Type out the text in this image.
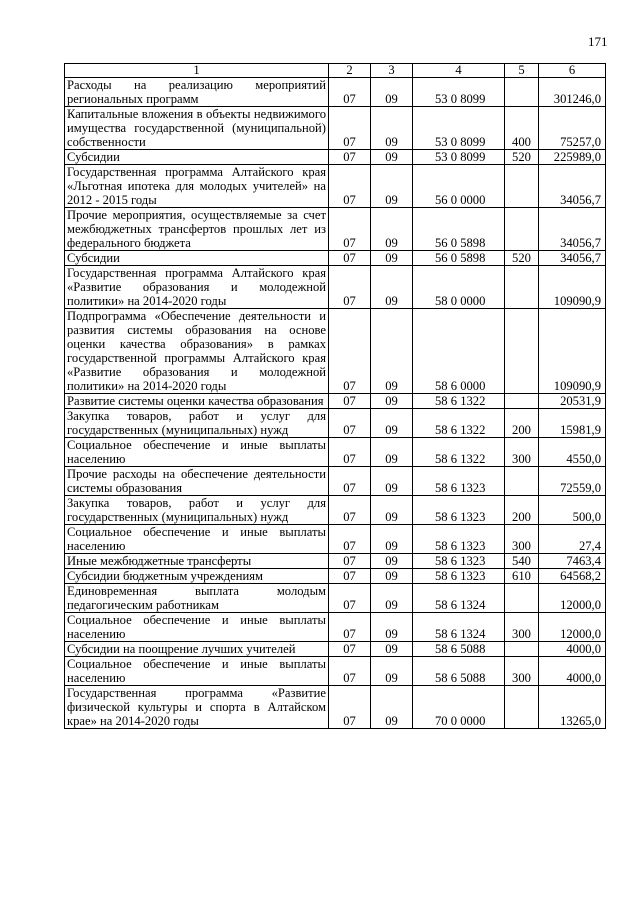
171
1	2	3	4	5	6
Расходы на реализацию мероприятий региональных программ	07	09	53 0 8099		301246,0
Капитальные вложения в объекты недвижимого имущества государственной (муниципальной) собственности	07	09	53 0 8099	400	75257,0
Субсидии	07	09	53 0 8099	520	225989,0
Государственная программа Алтайского края «Льготная ипотека для молодых учителей» на 2012 - 2015 годы	07	09	56 0 0000		34056,7
Прочие мероприятия, осуществляемые за счет межбюджетных трансфертов прошлых лет из федерального бюджета	07	09	56 0 5898		34056,7
Субсидии	07	09	56 0 5898	520	34056,7
Государственная программа Алтайского края «Развитие образования и молодежной политики» на 2014-2020 годы	07	09	58 0 0000		109090,9
Подпрограмма «Обеспечение деятельности и развития системы образования на основе оценки качества образования» в рамках государственной программы Алтайского края «Развитие образования и молодежной политики» на 2014-2020 годы	07	09	58 6 0000		109090,9
Развитие системы оценки качества образования	07	09	58 6 1322		20531,9
Закупка товаров, работ и услуг для государственных (муниципальных) нужд	07	09	58 6 1322	200	15981,9
Социальное обеспечение и иные выплаты населению	07	09	58 6 1322	300	4550,0
Прочие расходы на обеспечение деятельности системы образования	07	09	58 6 1323		72559,0
Закупка товаров, работ и услуг для государственных (муниципальных) нужд	07	09	58 6 1323	200	500,0
Социальное обеспечение и иные выплаты населению	07	09	58 6 1323	300	27,4
Иные межбюджетные трансферты	07	09	58 6 1323	540	7463,4
Субсидии бюджетным учреждениям	07	09	58 6 1323	610	64568,2
Единовременная выплата молодым педагогическим работникам	07	09	58 6 1324		12000,0
Социальное обеспечение и иные выплаты населению	07	09	58 6 1324	300	12000,0
Субсидии на поощрение лучших учителей	07	09	58 6 5088		4000,0
Социальное обеспечение и иные выплаты населению	07	09	58 6 5088	300	4000,0
Государственная программа «Развитие физической культуры и спорта в Алтайском крае» на 2014-2020 годы	07	09	70 0 0000		13265,0
